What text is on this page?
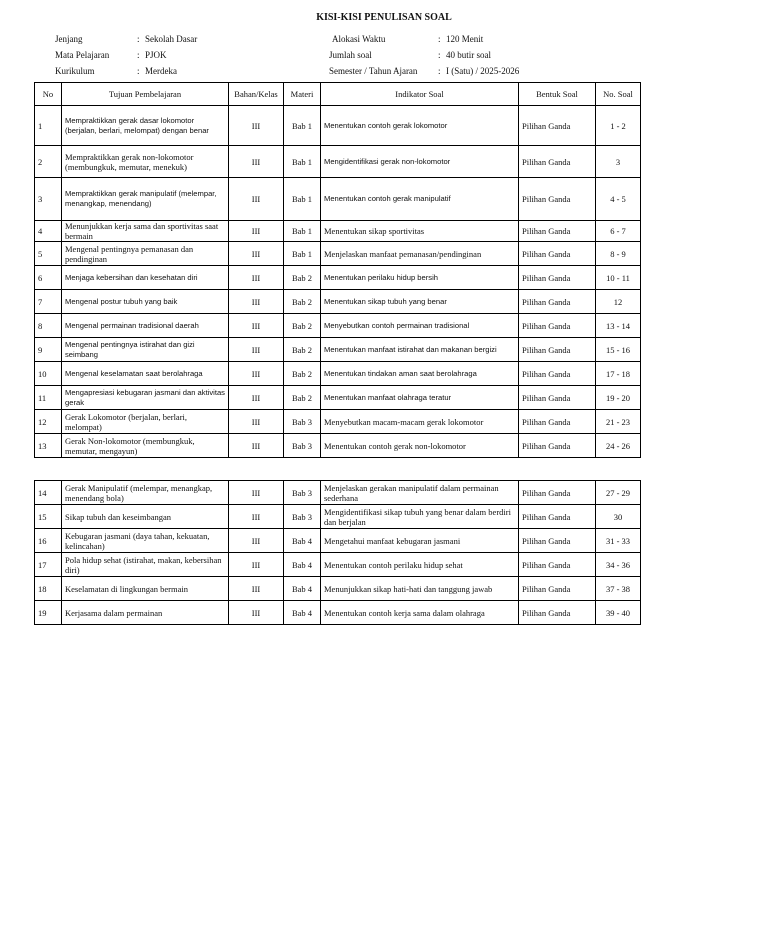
KISI-KISI PENULISAN SOAL
Jenjang	: Sekolah Dasar
Mata Pelajaran	: PJOK
Kurikulum	: Merdeka
Alokasi Waktu	: 120 Menit
Jumlah soal	: 40 butir soal
Semester / Tahun Ajaran	: I (Satu) / 2025-2026
No	Tujuan Pembelajaran	Bahan/Kelas	Materi	Indikator Soal	Bentuk Soal	No. Soal
1	Mempraktikkan gerak dasar lokomotor (berjalan, berlari, melompat) dengan benar	III	Bab 1	Menentukan contoh gerak lokomotor	Pilihan Ganda	1 - 2
2	Mempraktikkan gerak non-lokomotor (membungkuk, memutar, menekuk)	III	Bab 1	Mengidentifikasi gerak non-lokomotor	Pilihan Ganda	3
3	Mempraktikkan gerak manipulatif (melempar, menangkap, menendang)	III	Bab 1	Menentukan contoh gerak manipulatif	Pilihan Ganda	4 - 5
4	Menunjukkan kerja sama dan sportivitas saat bermain	III	Bab 1	Menentukan sikap sportivitas	Pilihan Ganda	6 - 7
5	Mengenal pentingnya pemanasan dan pendinginan	III	Bab 1	Menjelaskan manfaat pemanasan/pendinginan	Pilihan Ganda	8 - 9
6	Menjaga kebersihan dan kesehatan diri	III	Bab 2	Menentukan perilaku hidup bersih	Pilihan Ganda	10 - 11
7	Mengenal postur tubuh yang baik	III	Bab 2	Menentukan sikap tubuh yang benar	Pilihan Ganda	12
8	Mengenal permainan tradisional daerah	III	Bab 2	Menyebutkan contoh permainan tradisional	Pilihan Ganda	13 - 14
9	Mengenal pentingnya istirahat dan gizi seimbang	III	Bab 2	Menentukan manfaat istirahat dan makanan bergizi	Pilihan Ganda	15 - 16
10	Mengenal keselamatan saat berolahraga	III	Bab 2	Menentukan tindakan aman saat berolahraga	Pilihan Ganda	17 - 18
11	Mengapresiasi kebugaran jasmani dan aktivitas gerak	III	Bab 2	Menentukan manfaat olahraga teratur	Pilihan Ganda	19 - 20
12	Gerak Lokomotor (berjalan, berlari, melompat)	III	Bab 3	Menyebutkan macam-macam gerak lokomotor	Pilihan Ganda	21 - 23
13	Gerak Non-lokomotor (membungkuk, memutar, mengayun)	III	Bab 3	Menentukan contoh gerak non-lokomotor	Pilihan Ganda	24 - 26
14	Gerak Manipulatif (melempar, menangkap, menendang bola)	III	Bab 3	Menjelaskan gerakan manipulatif dalam permainan sederhana	Pilihan Ganda	27 - 29
15	Sikap tubuh dan keseimbangan	III	Bab 3	Mengidentifikasi sikap tubuh yang benar dalam berdiri dan berjalan	Pilihan Ganda	30
16	Kebugaran jasmani (daya tahan, kekuatan, kelincahan)	III	Bab 4	Mengetahui manfaat kebugaran jasmani	Pilihan Ganda	31 - 33
17	Pola hidup sehat (istirahat, makan, kebersihan diri)	III	Bab 4	Menentukan contoh perilaku hidup sehat	Pilihan Ganda	34 - 36
18	Keselamatan di lingkungan bermain	III	Bab 4	Menunjukkan sikap hati-hati dan tanggung jawab	Pilihan Ganda	37 - 38
19	Kerjasama dalam permainan	III	Bab 4	Menentukan contoh kerja sama dalam olahraga	Pilihan Ganda	39 - 40
